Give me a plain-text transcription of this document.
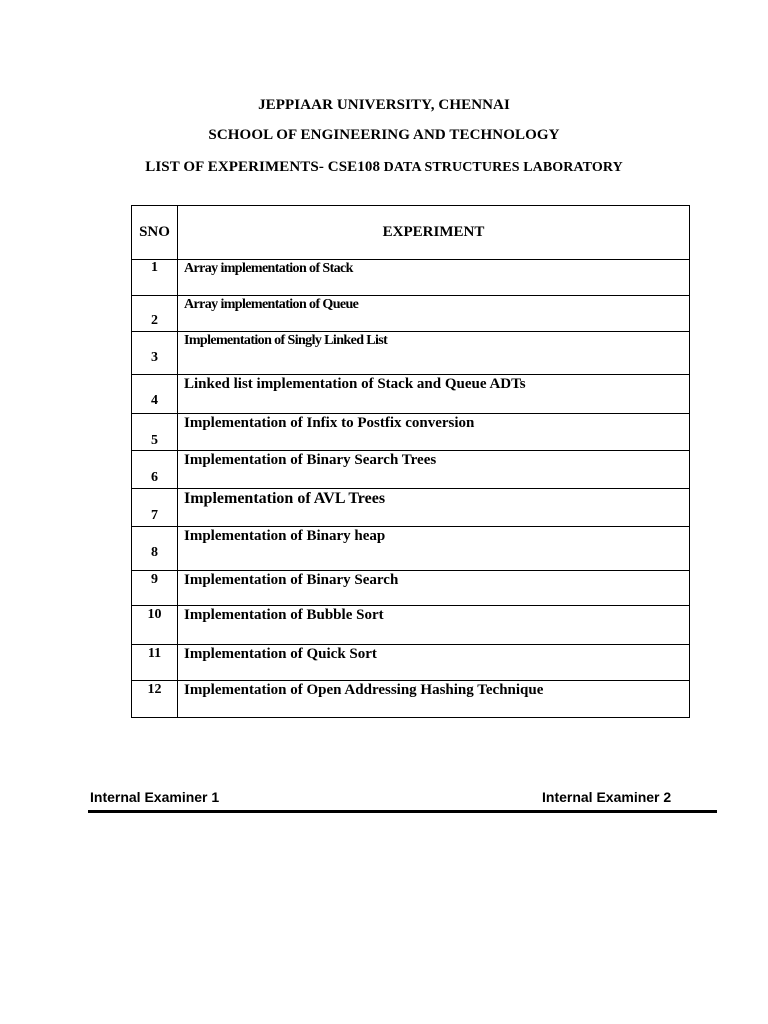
JEPPIAAR UNIVERSITY, CHENNAI
SCHOOL OF ENGINEERING AND TECHNOLOGY
LIST OF EXPERIMENTS- CSE108 DATA STRUCTURES LABORATORY
SNO	EXPERIMENT

1	Array implementation of Stack

2	Array implementation of Queue

3	Implementation of Singly Linked List

4	Linked list implementation of Stack and Queue ADTs

5	Implementation of Infix to Postfix conversion

6	Implementation of Binary Search Trees

7	Implementation of AVL Trees

8	Implementation of Binary heap

9	Implementation of Binary Search

10	Implementation of Bubble Sort

11	Implementation of Quick Sort

12	Implementation of Open Addressing Hashing Technique
Internal Examiner 1	Internal Examiner 2
